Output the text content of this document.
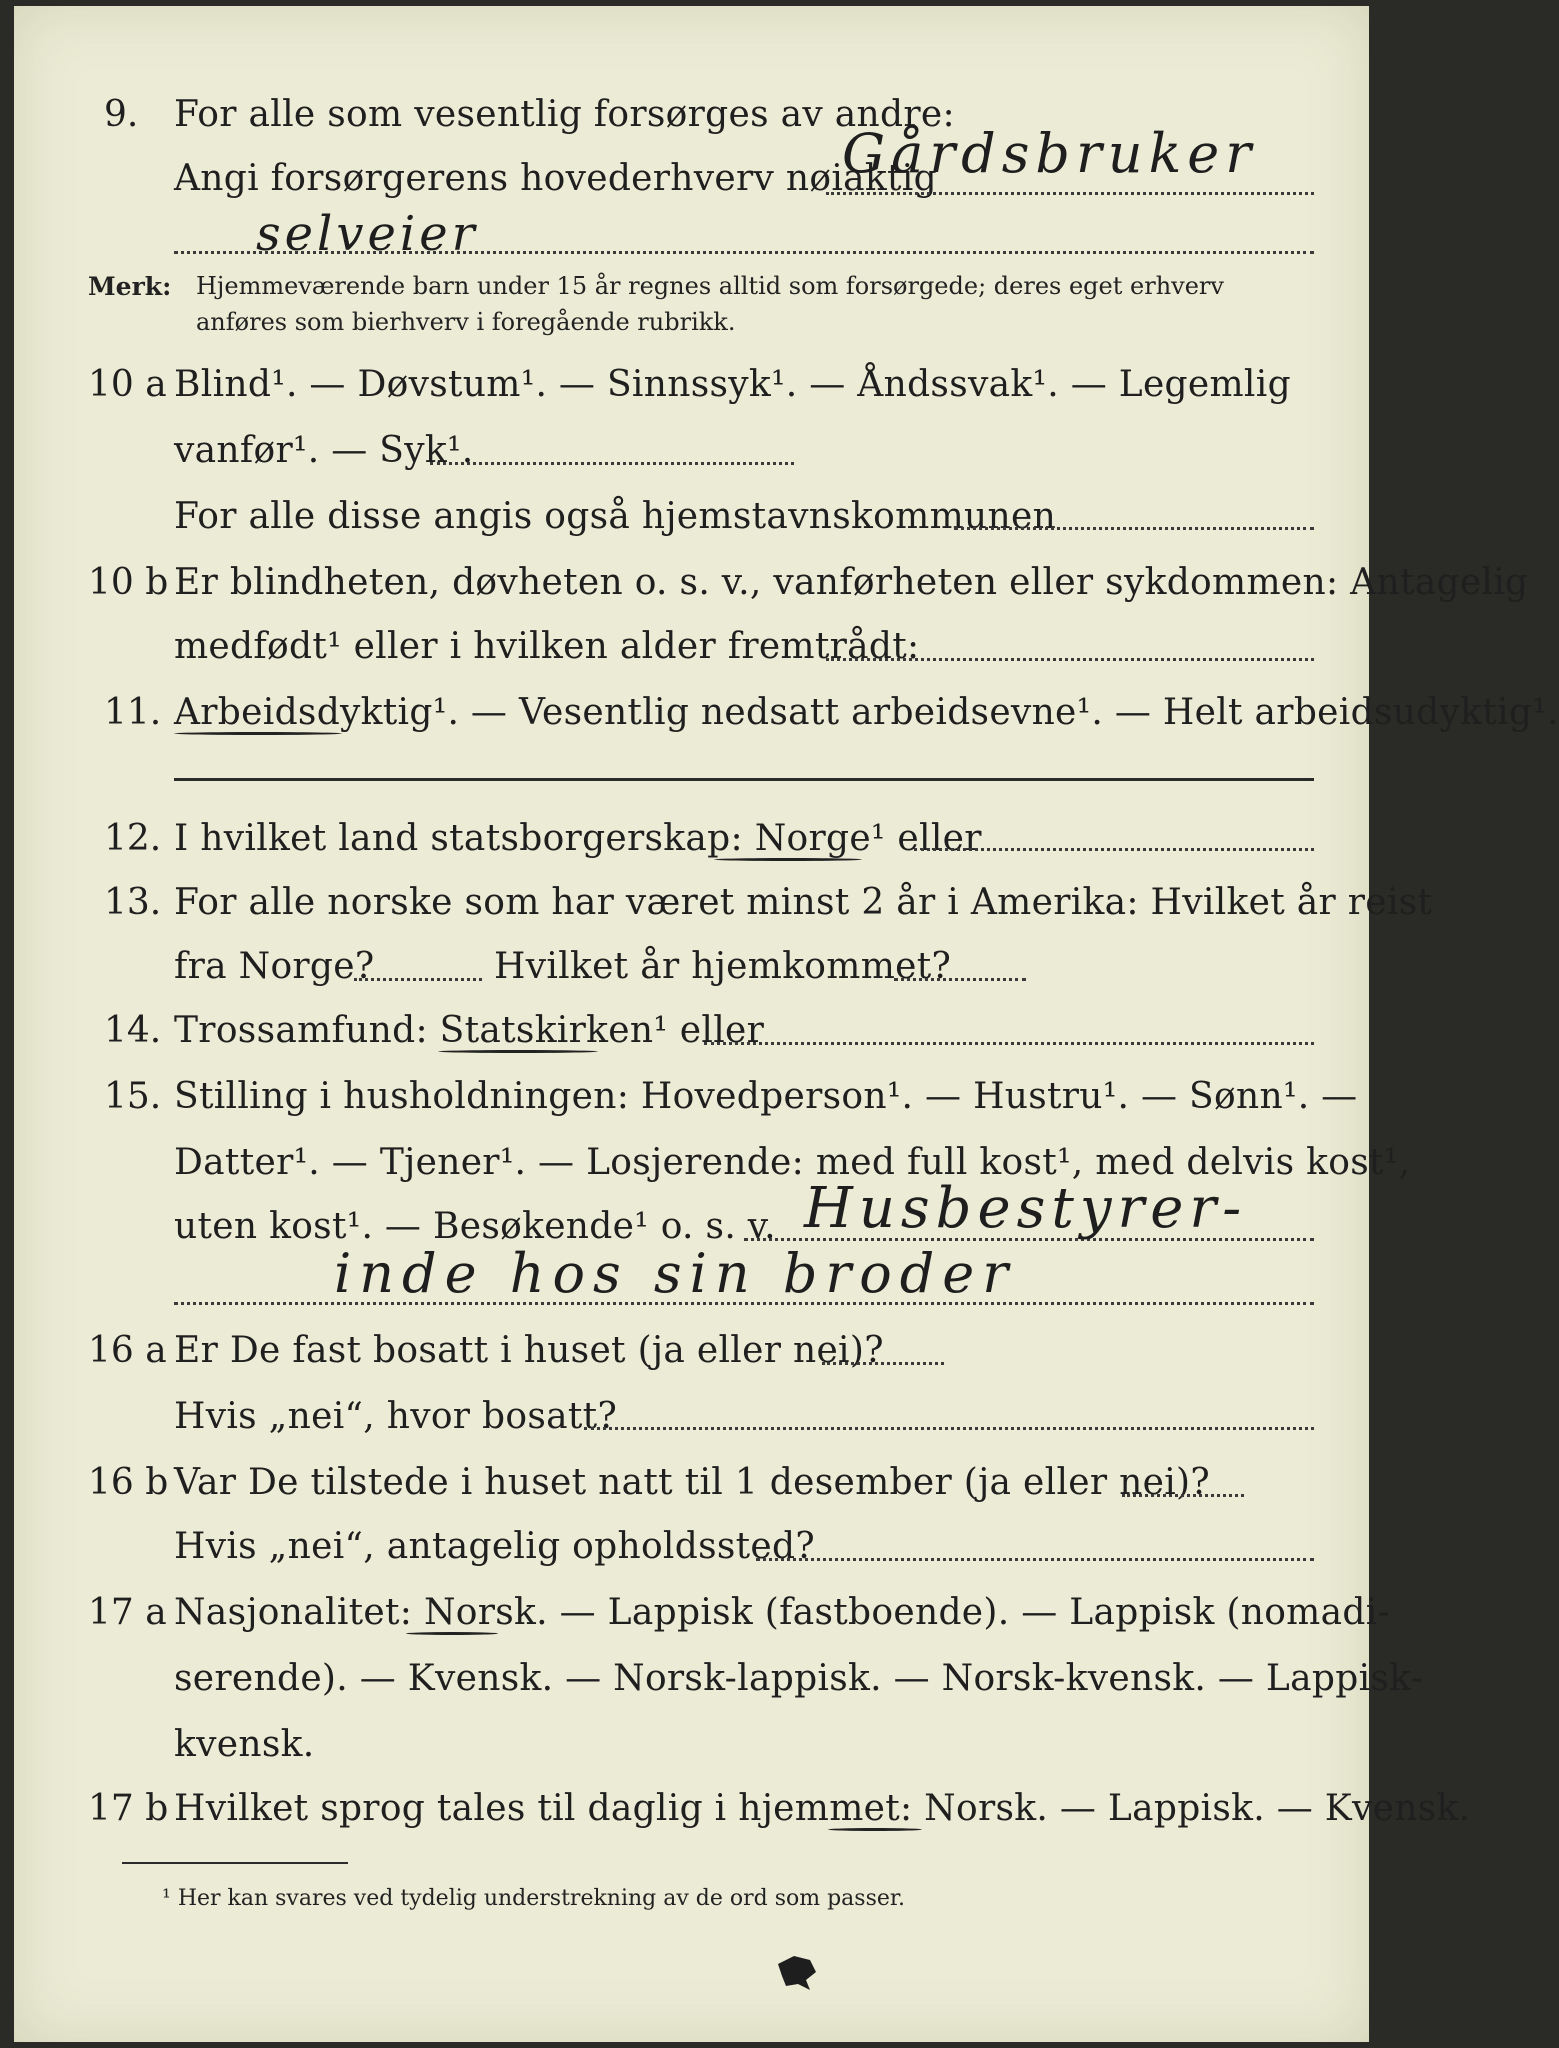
9. For alle som vesentlig forsørges av andre:
Angi forsørgerens hovederhverv nøiaktig
Gårdsbruker
selveier
Merk: Hjemmeværende barn under 15 år regnes alltid som forsørgede; deres eget erhverv
anføres som bierhverv i foregående rubrikk.
10 a Blind¹. — Døvstum¹. — Sinnssyk¹. — Åndssvak¹. — Legemlig
vanfør¹. — Syk¹.
For alle disse angis også hjemstavnskommunen
10 b Er blindheten, døvheten o. s. v., vanførheten eller sykdommen: Antagelig
medfødt¹ eller i hvilken alder fremtrådt:
11. Arbeidsdyktig¹. — Vesentlig nedsatt arbeidsevne¹. — Helt arbeidsudyktig¹.
12. I hvilket land statsborgerskap: Norge¹ eller
13. For alle norske som har været minst 2 år i Amerika: Hvilket år reist
fra Norge?	Hvilket år hjemkommet?
14. Trossamfund: Statskirken¹ eller
15. Stilling i husholdningen: Hovedperson¹. — Hustru¹. — Sønn¹. —
Datter¹. — Tjener¹. — Losjerende: med full kost¹, med delvis kost¹,
uten kost¹. — Besøkende¹ o. s. v. Husbestyrer-
inde hos sin broder
16 a Er De fast bosatt i huset (ja eller nei)?
Hvis „nei“, hvor bosatt?
16 b Var De tilstede i huset natt til 1 desember (ja eller nei)?
Hvis „nei“, antagelig opholdssted?
17 a Nasjonalitet: Norsk. — Lappisk (fastboende). — Lappisk (nomadi-
serende). — Kvensk. — Norsk-lappisk. — Norsk-kvensk. — Lappisk-
kvensk.
17 b Hvilket sprog tales til daglig i hjemmet: Norsk. — Lappisk. — Kvensk.
¹ Her kan svares ved tydelig understrekning av de ord som passer.
